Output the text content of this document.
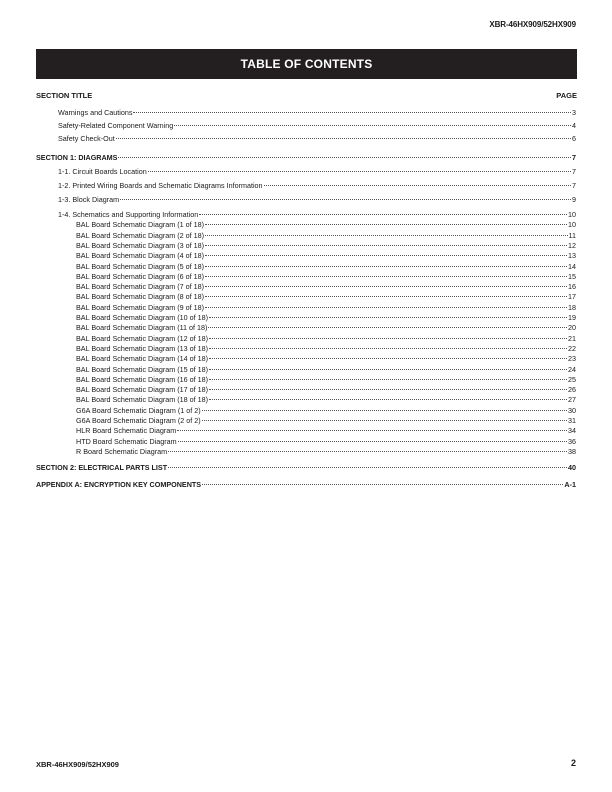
XBR-46HX909/52HX909
TABLE OF CONTENTS
SECTION TITLE	PAGE
Warnings and Cautions	3
Safety-Related Component Warning	4
Safety Check-Out	6
SECTION 1: DIAGRAMS	7
1-1. Circuit Boards Location	7
1-2. Printed Wiring Boards and Schematic Diagrams Information	7
1-3. Block Diagram	9
1-4. Schematics and Supporting Information	10
BAL Board Schematic Diagram (1 of 18)	10
BAL Board Schematic Diagram (2 of 18)	11
BAL Board Schematic Diagram (3 of 18)	12
BAL Board Schematic Diagram (4 of 18)	13
BAL Board Schematic Diagram (5 of 18)	14
BAL Board Schematic Diagram (6 of 18)	15
BAL Board Schematic Diagram (7 of 18)	16
BAL Board Schematic Diagram (8 of 18)	17
BAL Board Schematic Diagram (9 of 18)	18
BAL Board Schematic Diagram (10 of 18)	19
BAL Board Schematic Diagram (11 of 18)	20
BAL Board Schematic Diagram (12 of 18)	21
BAL Board Schematic Diagram (13 of 18)	22
BAL Board Schematic Diagram (14 of 18)	23
BAL Board Schematic Diagram (15 of 18)	24
BAL Board Schematic Diagram (16 of 18)	25
BAL Board Schematic Diagram (17 of 18)	26
BAL Board Schematic Diagram (18 of 18)	27
G6A Board Schematic Diagram (1 of 2)	30
G6A Board Schematic Diagram (2 of 2)	31
HLR Board Schematic Diagram	34
HTD Board Schematic Diagram	36
R Board Schematic Diagram	38
SECTION 2: ELECTRICAL PARTS LIST	40
APPENDIX A: ENCRYPTION KEY COMPONENTS	A-1
XBR-46HX909/52HX909	2
